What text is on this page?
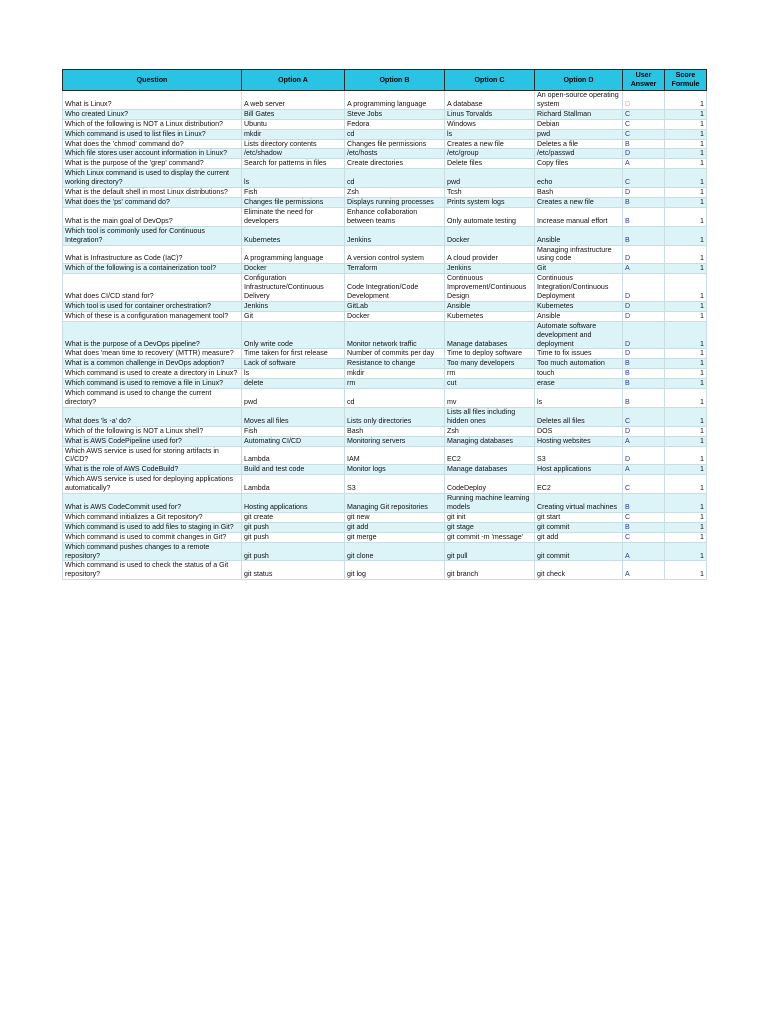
Question	Option A	Option B	Option C	Option D	User Answer	Score Formule
What is Linux?	A web server	A programming language	A database	An open-source operating system	D	1
Who created Linux?	Bill Gates	Steve Jobs	Linus Torvalds	Richard Stallman	C	1
Which of the following is NOT a Linux distribution?	Ubuntu	Fedora	Windows	Debian	C	1
Which command is used to list files in Linux?	mkdir	cd	ls	pwd	C	1
What does the 'chmod' command do?	Lists directory contents	Changes file permissions	Creates a new file	Deletes a file	B	1
Which file stores user account information in Linux?	/etc/shadow	/etc/hosts	/etc/group	/etc/passwd	D	1
What is the purpose of the 'grep' command?	Search for patterns in files	Create directories	Delete files	Copy files	A	1
Which Linux command is used to display the current working directory?	ls	cd	pwd	echo	C	1
What is the default shell in most Linux distributions?	Fish	Zsh	Tcsh	Bash	D	1
What does the 'ps' command do?	Changes file permissions	Displays running processes	Prints system logs	Creates a new file	B	1
What is the main goal of DevOps?	Eliminate the need for developers	Enhance collaboration between teams	Only automate testing	Increase manual effort	B	1
Which tool is commonly used for Continuous Integration?	Kubernetes	Jenkins	Docker	Ansible	B	1
What is Infrastructure as Code (IaC)?	A programming language	A version control system	A cloud provider	Managing infrastructure using code	D	1
Which of the following is a containerization tool?	Docker	Terraform	Jenkins	Git	A	1
What does CI/CD stand for?	Configuration Infrastructure/Continuous Delivery	Code Integration/Code Development	Continuous Improvement/Continuous Design	Continuous Integration/Continuous Deployment	D	1
Which tool is used for container orchestration?	Jenkins	GitLab	Ansible	Kubernetes	D	1
Which of these is a configuration management tool?	Git	Docker	Kubernetes	Ansible	D	1
What is the purpose of a DevOps pipeline?	Only write code	Monitor network traffic	Manage databases	Automate software development and deployment	D	1
What does 'mean time to recovery' (MTTR) measure?	Time taken for first release	Number of commits per day	Time to deploy software	Time to fix issues	D	1
What is a common challenge in DevOps adoption?	Lack of software	Resistance to change	Too many developers	Too much automation	B	1
Which command is used to create a directory in Linux?	ls	mkdir	rm	touch	B	1
Which command is used to remove a file in Linux?	delete	rm	cut	erase	B	1
Which command is used to change the current directory?	pwd	cd	mv	ls	B	1
What does 'ls -a' do?	Moves all files	Lists only directories	Lists all files including hidden ones	Deletes all files	C	1
Which of the following is NOT a Linux shell?	Fish	Bash	Zsh	DOS	D	1
What is AWS CodePipeline used for?	Automating CI/CD	Monitoring servers	Managing databases	Hosting websites	A	1
Which AWS service is used for storing artifacts in CI/CD?	Lambda	IAM	EC2	S3	D	1
What is the role of AWS CodeBuild?	Build and test code	Monitor logs	Manage databases	Host applications	A	1
Which AWS service is used for deploying applications automatically?	Lambda	S3	CodeDeploy	EC2	C	1
What is AWS CodeCommit used for?	Hosting applications	Managing Git repositories	Running machine learning models	Creating virtual machines	B	1
Which command initializes a Git repository?	git create	git new	git init	git start	C	1
Which command is used to add files to staging in Git?	git push	git add	git stage	git commit	B	1
Which command is used to commit changes in Git?	git push	git merge	git commit -m 'message'	git add	C	1
Which command pushes changes to a remote repository?	git push	git clone	git pull	git commit	A	1
Which command is used to check the status of a Git repository?	git status	git log	git branch	git check	A	1
